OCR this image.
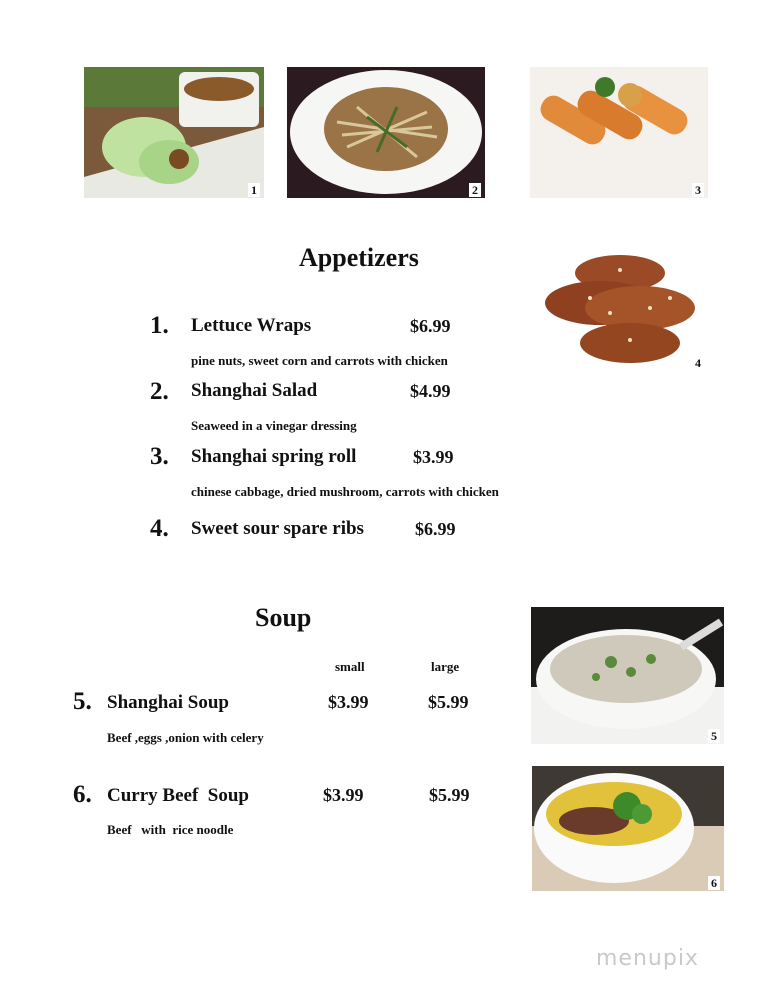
1	2	3
4
5
6
Appetizers
1. Lettuce Wraps	$6.99
pine nuts, sweet corn and carrots with chicken
2. Shanghai Salad	$4.99
Seaweed in a vinegar dressing
3. Shanghai spring roll	$3.99
chinese cabbage, dried mushroom, carrots with chicken
4. Sweet sour spare ribs	$6.99
Soup
small	large
5. Shanghai Soup	$3.99	$5.99
Beef ,eggs ,onion with celery
6. Curry Beef  Soup	$3.99	$5.99
Beef   with  rice noodle
menupix
